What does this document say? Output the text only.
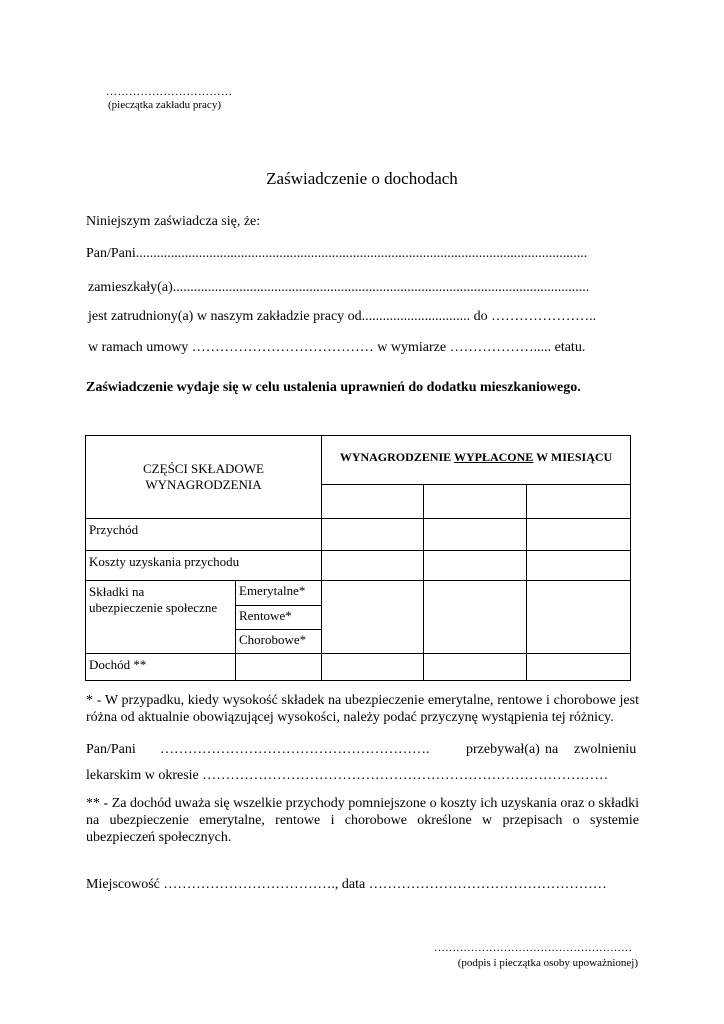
……………………………
(pieczątka zakładu pracy)
Zaświadczenie o dochodach
Niniejszym zaświadcza się, że:
Pan/Pani.................................................................................................................................
zamieszkały(a).......................................................................................................................
jest zatrudniony(a) w naszym zakładzie pracy od............................... do …………………..
w ramach umowy ………………………………… w wymiarze ………………..... etatu.
Zaświadczenie wydaje się w celu ustalenia uprawnień do dodatku mieszkaniowego.
CZĘŚCI SKŁADOWE
WYNAGRODZENIA		WYNAGRODZENIE WYPŁACONE W MIESIĄCU		

Przychód				
Koszty uzyskania przychodu				

Składki na
ubezpieczenie społeczne	Emerytalne*			
	Rentowe*			
	Chorobowe*			
Dochód **				
* - W przypadku, kiedy wysokość składek na ubezpieczenie emerytalne, rentowe i chorobowe jest różna od aktualnie obowiązującej wysokości, należy podać przyczynę wystąpienia tej różnicy.
Pan/Pani ………………………………………………….	przebywał(a) na zwolnieniu
lekarskim w okresie ……………………………………………………………………………
** - Za dochód uważa się wszelkie przychody pomniejszone o koszty ich uzyskania oraz o składki na ubezpieczenie emerytalne, rentowe i chorobowe określone w przepisach o systemie ubezpieczeń społecznych.
Miejscowość ………………………………., data ……………………………………………
………………………………………………
(podpis i pieczątka osoby upoważnionej)
